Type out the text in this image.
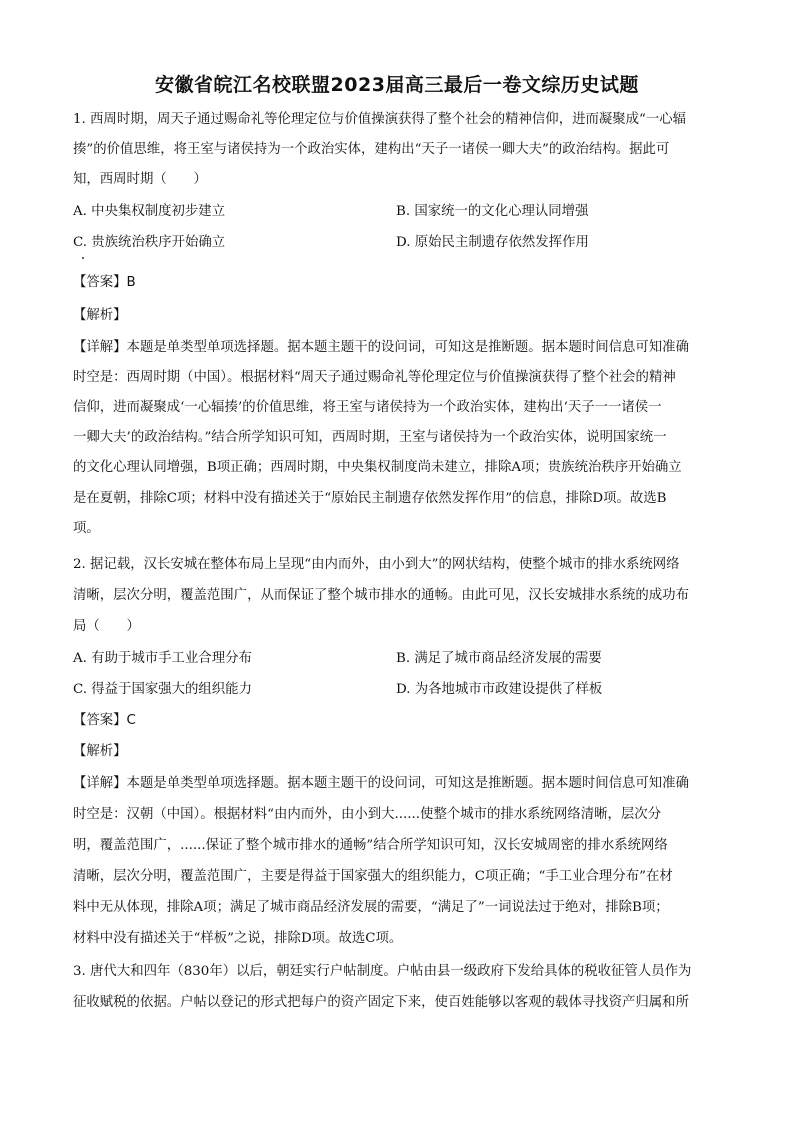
安徽省皖江名校联盟2023届高三最后一卷文综历史试题
1. 西周时期，周天子通过赐命礼等伦理定位与价值操演获得了整个社会的精神信仰，进而凝聚成“一心辐
揍”的价值思维，将王室与诸侯持为一个政治实体，建构出“天子一诸侯一卿大夫”的政治结构。据此可
知，西周时期（　　）
A. 中央集权制度初步建立	B. 国家统一的文化心理认同增强
C. 贵族统治秩序开始确立	D. 原始民主制遗存依然发挥作用
【答案】B
【解析】
【详解】本题是单类型单项选择题。据本题主题干的设问词，可知这是推断题。据本题时间信息可知准确
时空是：西周时期（中国）。根据材料“周天子通过赐命礼等伦理定位与价值操演获得了整个社会的精神
信仰，进而凝聚成‘一心辐揍’的价值思维，将王室与诸侯持为一个政治实体，建构出‘天子一一诸侯一
一卿大夫’的政治结构。”结合所学知识可知，西周时期，王室与诸侯持为一个政治实体，说明国家统一
的文化心理认同增强，B项正确；西周时期，中央集权制度尚未建立，排除A项；贵族统治秩序开始确立
是在夏朝，排除C项；材料中没有描述关于“原始民主制遗存依然发挥作用”的信息，排除D项。故选B
项。
2. 据记载，汉长安城在整体布局上呈现“由内而外，由小到大”的网状结构，使整个城市的排水系统网络
清晰，层次分明，覆盖范围广，从而保证了整个城市排水的通畅。由此可见，汉长安城排水系统的成功布
局（　　）
A. 有助于城市手工业合理分布	B. 满足了城市商品经济发展的需要
C. 得益于国家强大的组织能力	D. 为各地城市市政建设提供了样板
【答案】C
【解析】
【详解】本题是单类型单项选择题。据本题主题干的设问词，可知这是推断题。据本题时间信息可知准确
时空是：汉朝（中国）。根据材料“由内而外，由小到大......使整个城市的排水系统网络清晰，层次分
明，覆盖范围广，......保证了整个城市排水的通畅”结合所学知识可知，汉长安城周密的排水系统网络
清晰，层次分明，覆盖范围广，主要是得益于国家强大的组织能力，C项正确；“手工业合理分布”在材
料中无从体现，排除A项；满足了城市商品经济发展的需要，“满足了”一词说法过于绝对，排除B项；
材料中没有描述关于“样板”之说，排除D项。故选C项。
3. 唐代大和四年（830年）以后，朝廷实行户帖制度。户帖由县一级政府下发给具体的税收征管人员作为
征收赋税的依据。户帖以登记的形式把每户的资产固定下来，使百姓能够以客观的载体寻找资产归属和所
